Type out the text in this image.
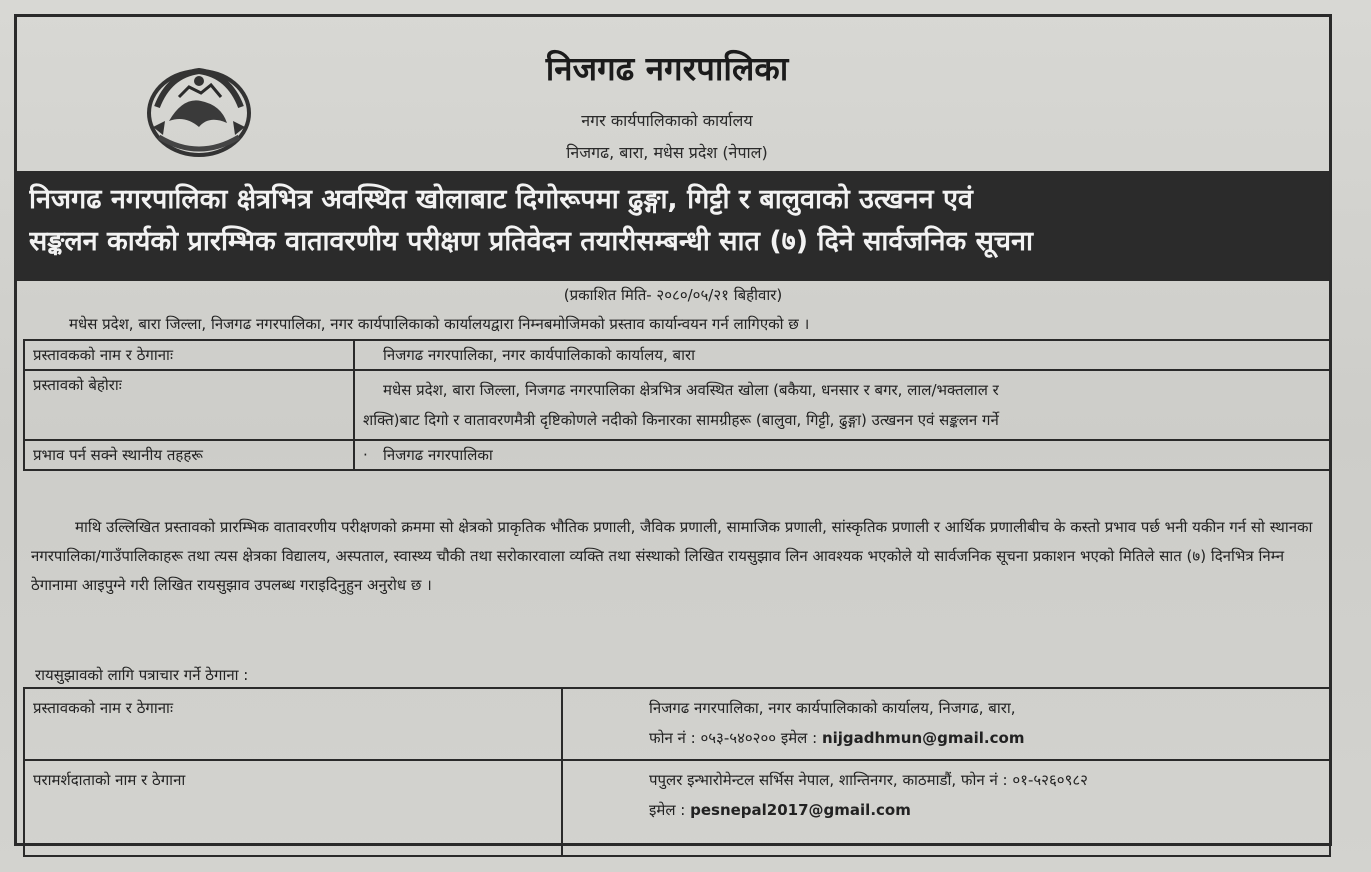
निजगढ नगरपालिका
नगर कार्यपालिकाको कार्यालय
निजगढ, बारा, मधेस प्रदेश (नेपाल)
निजगढ नगरपालिका क्षेत्रभित्र अवस्थित खोलाबाट दिगोरूपमा ढुङ्गा, गिट्टी र बालुवाको उत्खनन एवं
सङ्कलन कार्यको प्रारम्भिक वातावरणीय परीक्षण प्रतिवेदन तयारीसम्बन्धी सात (७) दिने सार्वजनिक सूचना
(प्रकाशित मिति- २०८०/०५/२१ बिहीवार)
मधेस प्रदेश, बारा जिल्ला, निजगढ नगरपालिका, नगर कार्यपालिकाको कार्यालयद्वारा निम्नबमोजिमको प्रस्ताव कार्यान्वयन गर्न लागिएको छ ।
प्रस्तावकको नाम र ठेगानाः	निजगढ नगरपालिका, नगर कार्यपालिकाको कार्यालय, बारा
प्रस्तावको बेहोराः	मधेस प्रदेश, बारा जिल्ला, निजगढ नगरपालिका क्षेत्रभित्र अवस्थित खोला (बकैया, धनसार र बगर, लाल/भक्तलाल र
शक्ति)बाट दिगो र वातावरणमैत्री दृष्टिकोणले नदीको किनारका सामग्रीहरू (बालुवा, गिट्टी, ढुङ्गा) उत्खनन एवं सङ्कलन गर्ने

प्रभाव पर्न सक्ने स्थानीय तहहरू	· निजगढ नगरपालिका
माथि उल्लिखित प्रस्तावको प्रारम्भिक वातावरणीय परीक्षणको क्रममा सो क्षेत्रको प्राकृतिक भौतिक प्रणाली, जैविक प्रणाली, सामाजिक प्रणाली, सांस्कृतिक प्रणाली र आर्थिक प्रणालीबीच के कस्तो प्रभाव पर्छ भनी यकीन गर्न सो स्थानका नगरपालिका/गाउँपालिकाहरू तथा त्यस क्षेत्रका विद्यालय, अस्पताल, स्वास्थ्य चौकी तथा सरोकारवाला व्यक्ति तथा संस्थाको लिखित रायसुझाव लिन आवश्यक भएकोले यो सार्वजनिक सूचना प्रकाशन भएको मितिले सात (७) दिनभित्र निम्न ठेगानामा आइपुग्ने गरी लिखित रायसुझाव उपलब्ध गराइदिनुहुन अनुरोध छ ।
रायसुझावको लागि पत्राचार गर्ने ठेगाना :
प्रस्तावकको नाम र ठेगानाः	निजगढ नगरपालिका, नगर कार्यपालिकाको कार्यालय, निजगढ, बारा,
फोन नं : ०५३-५४०२०० इमेल : nijgadhmun@gmail.com

परामर्शदाताको नाम र ठेगाना	पपुलर इन्भारोमेन्टल सर्भिस नेपाल, शान्तिनगर, काठमाडौं, फोन नं : ०१-५२६०९८२
इमेल : pesnepal2017@gmail.com
